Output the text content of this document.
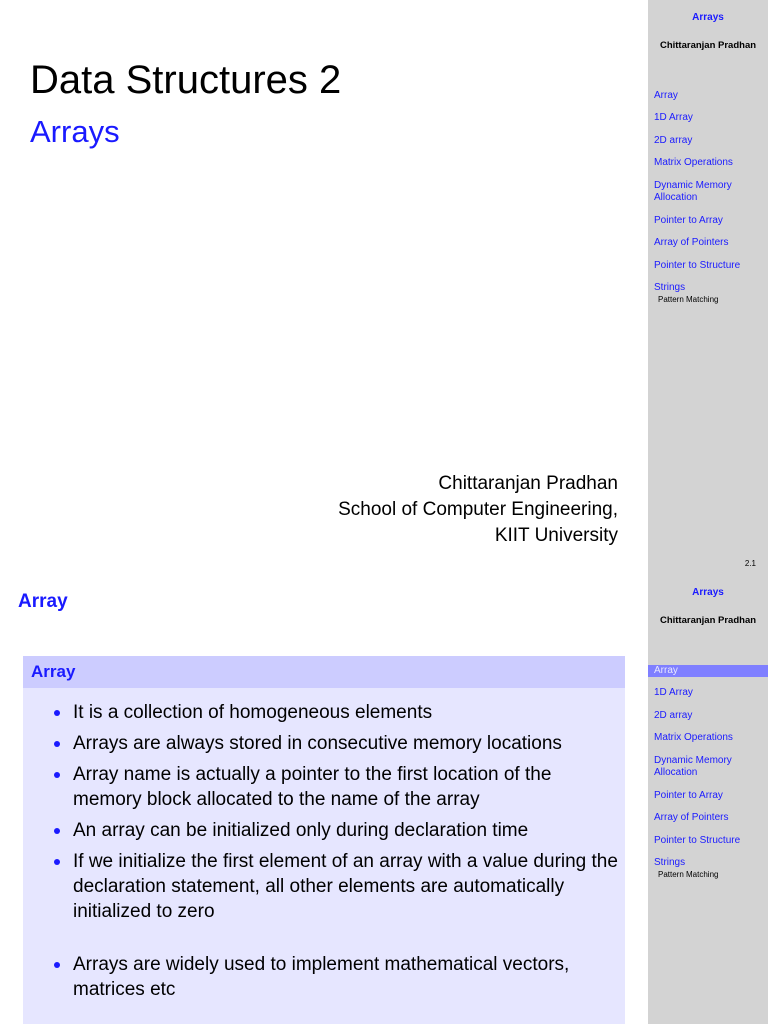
Data Structures 2
Arrays
Chittaranjan Pradhan
School of Computer Engineering,
KIIT University
Arrays
Chittaranjan Pradhan
Array
1D Array
2D array
Matrix Operations
Dynamic Memory Allocation
Pointer to Array
Array of Pointers
Pointer to Structure
Strings
Pattern Matching
2.1
Array
Array
It is a collection of homogeneous elements
Arrays are always stored in consecutive memory locations
Array name is actually a pointer to the first location of the memory block allocated to the name of the array
An array can be initialized only during declaration time
If we initialize the first element of an array with a value during the declaration statement, all other elements are automatically initialized to zero
Arrays are widely used to implement mathematical vectors, matrices etc
Arrays
Chittaranjan Pradhan
Array
1D Array
2D array
Matrix Operations
Dynamic Memory Allocation
Pointer to Array
Array of Pointers
Pointer to Structure
Strings
Pattern Matching
